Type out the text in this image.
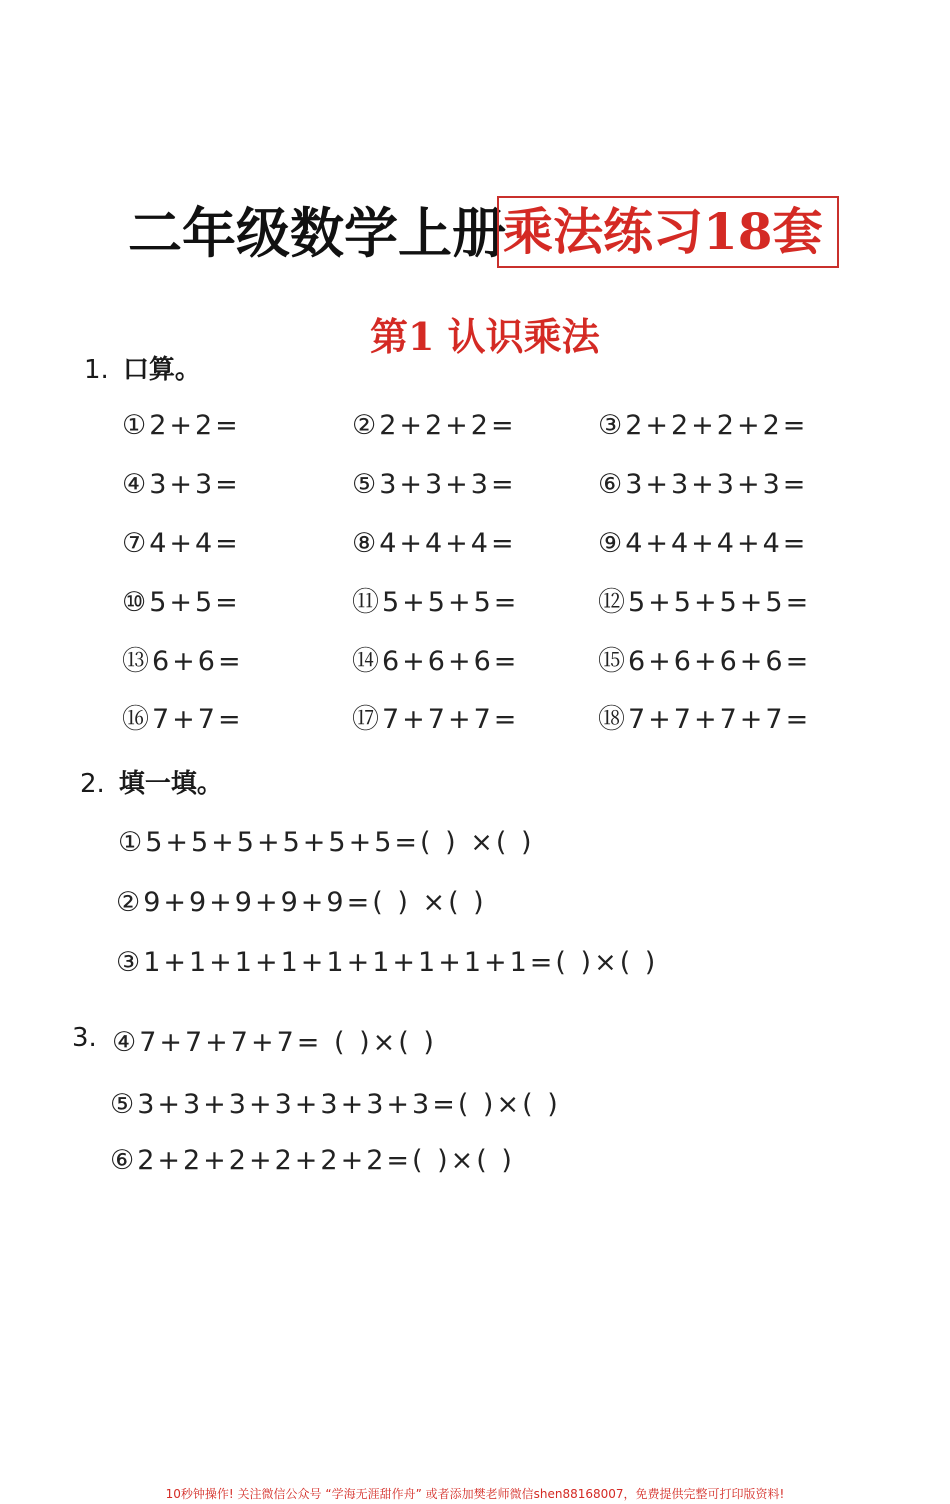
二年级数学上册
乘法练习18套
第1 认识乘法
1. 口算。
①2+2=	②2+2+2=	③2+2+2+2=
④3+3=	⑤3+3+3=	⑥3+3+3+3=
⑦4+4=	⑧4+4+4=	⑨4+4+4+4=
⑩5+5=	⑪5+5+5=	⑫5+5+5+5=
⑬6+6=	⑭6+6+6=	⑮6+6+6+6=
⑯7+7=	⑰7+7+7=	⑱7+7+7+7=
2. 填一填。
①5+5+5+5+5+5=( ) ×( )
②9+9+9+9+9=( ) ×( )
③1+1+1+1+1+1+1+1+1=( )×( )
3. ④7+7+7+7= ( )×( )
⑤3+3+3+3+3+3+3=( )×( )
⑥2+2+2+2+2+2=( )×( )
10秒钟操作! 关注微信公众号 “学海无涯甜作舟” 或者添加樊老师微信shen88168007，免费提供完整可打印版资料!
